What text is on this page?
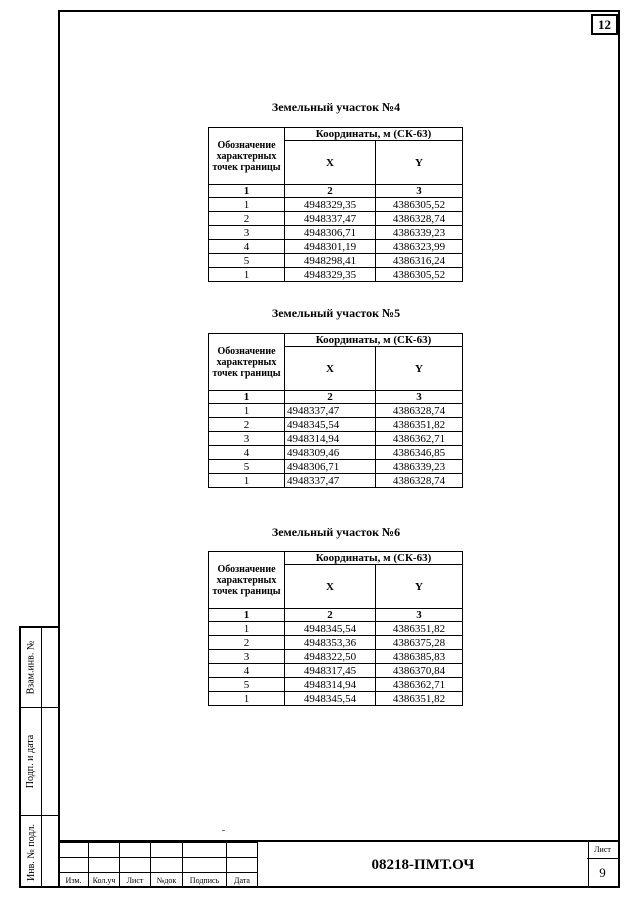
12
Взам.инв. №
Подп. и дата
Инв. № подл.
Земельный участок №4
Обозначение характерных точек границы	Координаты, м (СК-63)	
	X	Y
1	2	3
1	4948329,35	4386305,52
2	4948337,47	4386328,74
3	4948306,71	4386339,23
4	4948301,19	4386323,99
5	4948298,41	4386316,24
1	4948329,35	4386305,52
Земельный участок №5
Обозначение характерных точек границы	Координаты, м (СК-63)	
	X	Y
1	2	3
1	4948337,47	4386328,74
2	4948345,54	4386351,82
3	4948314,94	4386362,71
4	4948309,46	4386346,85
5	4948306,71	4386339,23
1	4948337,47	4386328,74
Земельный участок №6
Обозначение характерных точек границы	Координаты, м (СК-63)	
	X	Y
1	2	3
1	4948345,54	4386351,82
2	4948353,36	4386375,28
3	4948322,50	4386385,83
4	4948317,45	4386370,84
5	4948314,94	4386362,71
1	4948345,54	4386351,82

Изм.	Кол.уч	Лист	№док	Подпись	Дата
08218-ПМТ.ОЧ
Лист
9
